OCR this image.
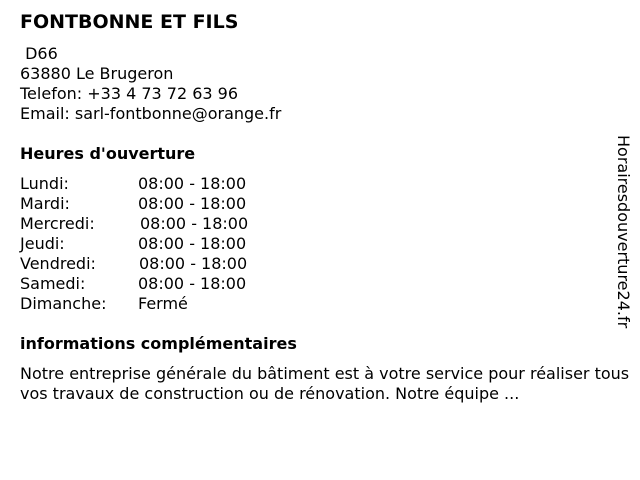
FONTBONNE ET FILS
D66
63880 Le Brugeron
Telefon: +33 4 73 72 63 96
Email: sarl-fontbonne@orange.fr
Heures d'ouverture
Lundi:	08:00 - 18:00
Mardi:	08:00 - 18:00
Mercredi:	08:00 - 18:00
Jeudi:	08:00 - 18:00
Vendredi:	08:00 - 18:00
Samedi:	08:00 - 18:00
Dimanche: Fermé
informations complémentaires
Notre entreprise générale du bâtiment est à votre service pour réaliser tous vos travaux de construction ou de rénovation. Notre équipe ...
Horairesdouverture24.fr
